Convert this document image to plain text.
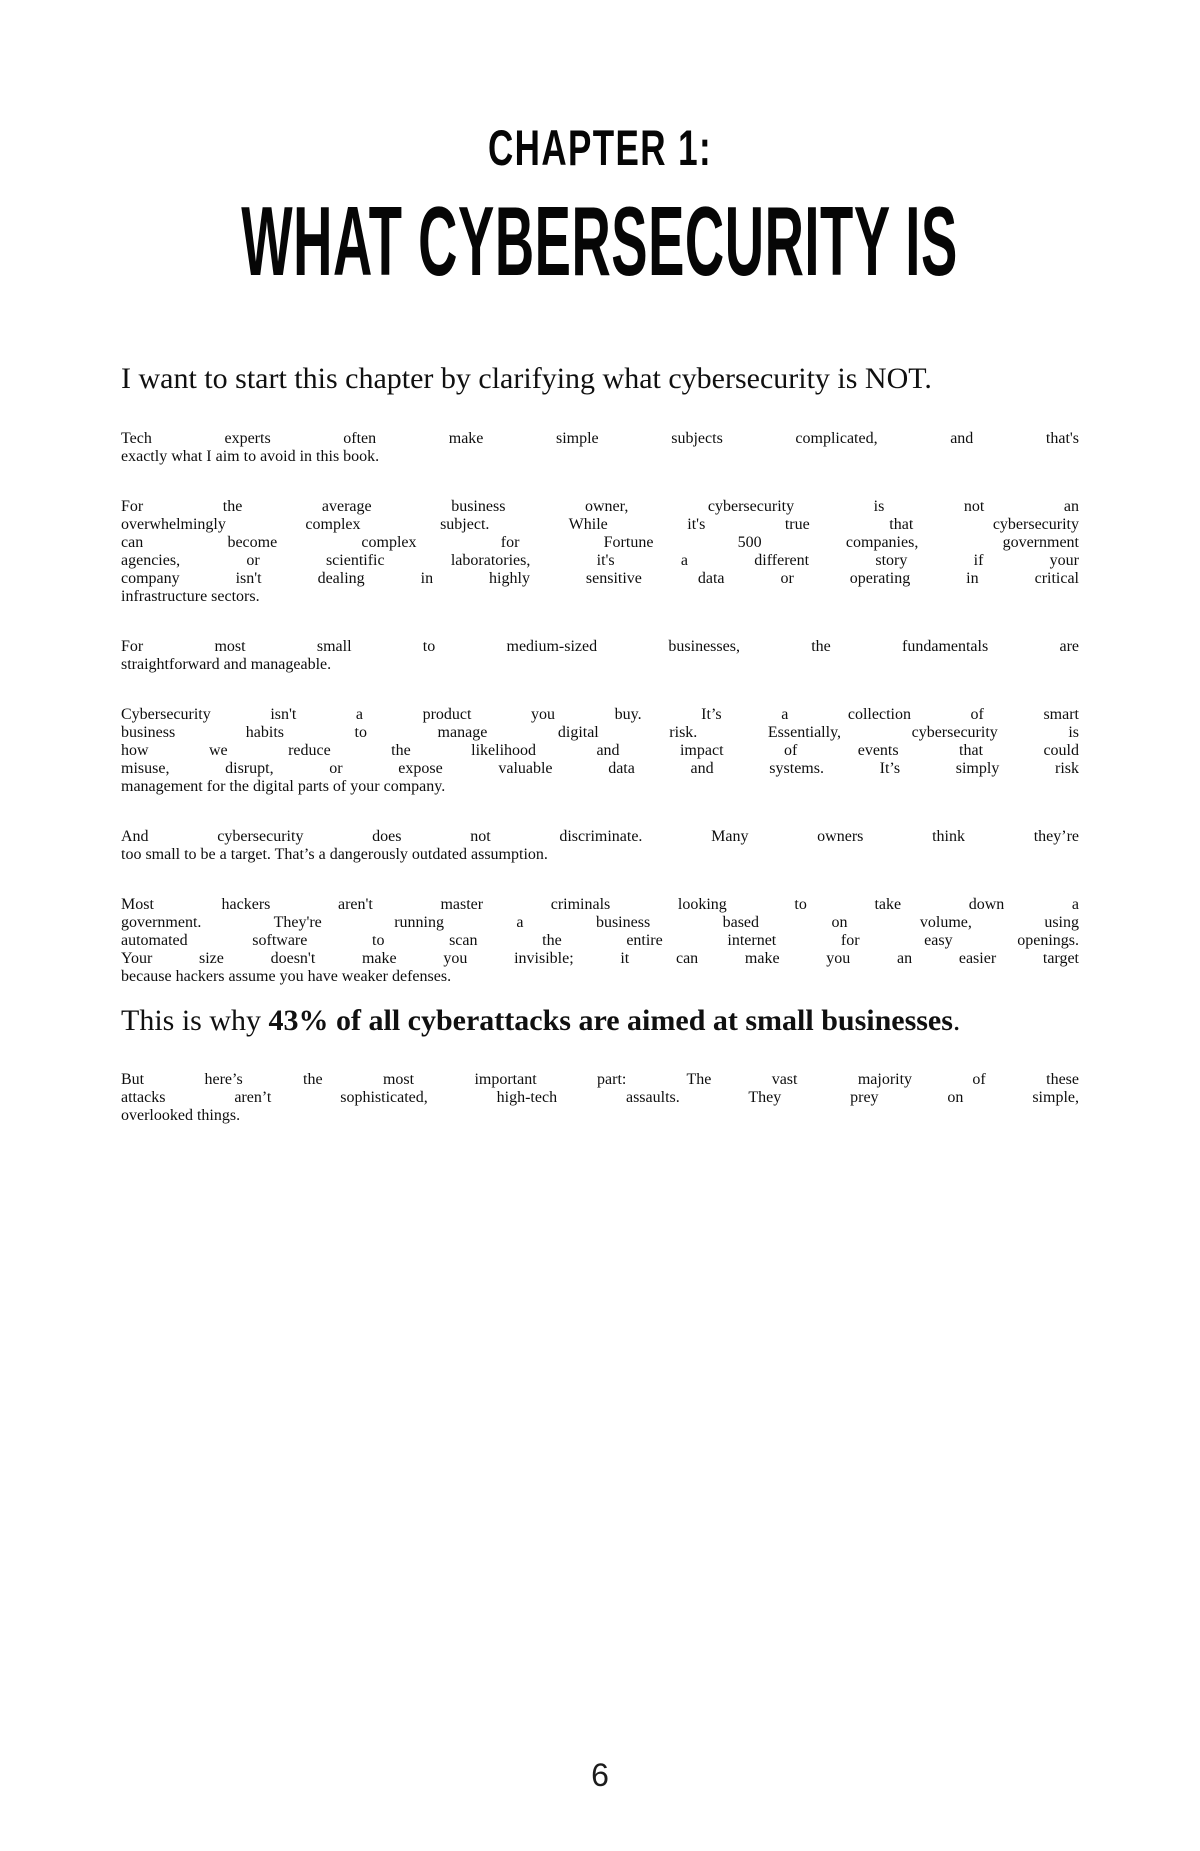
CHAPTER 1:
WHAT CYBERSECURITY IS

I want to start this chapter by clarifying what cybersecurity is NOT.

Tech experts often make simple subjects complicated, and that's
exactly what I aim to avoid in this book.

For the average business owner, cybersecurity is not an
overwhelmingly complex subject. While it's true that cybersecurity
can become complex for Fortune 500 companies, government
agencies, or scientific laboratories, it's a different story if your
company isn't dealing in highly sensitive data or operating in critical
infrastructure sectors.

For most small to medium-sized businesses, the fundamentals are
straightforward and manageable.

Cybersecurity isn't a product you buy. It’s a collection of smart
business habits to manage digital risk. Essentially, cybersecurity is
how we reduce the likelihood and impact of events that could
misuse, disrupt, or expose valuable data and systems. It’s simply risk
management for the digital parts of your company.

And cybersecurity does not discriminate. Many owners think they’re
too small to be a target. That’s a dangerously outdated assumption.

Most hackers aren't master criminals looking to take down a
government. They're running a business based on volume, using
automated software to scan the entire internet for easy openings.
Your size doesn't make you invisible; it can make you an easier target
because hackers assume you have weaker defenses.

This is why 43% of all cyberattacks are aimed at small businesses.

But here’s the most important part: The vast majority of these
attacks aren’t sophisticated, high-tech assaults. They prey on simple,
overlooked things.

6
